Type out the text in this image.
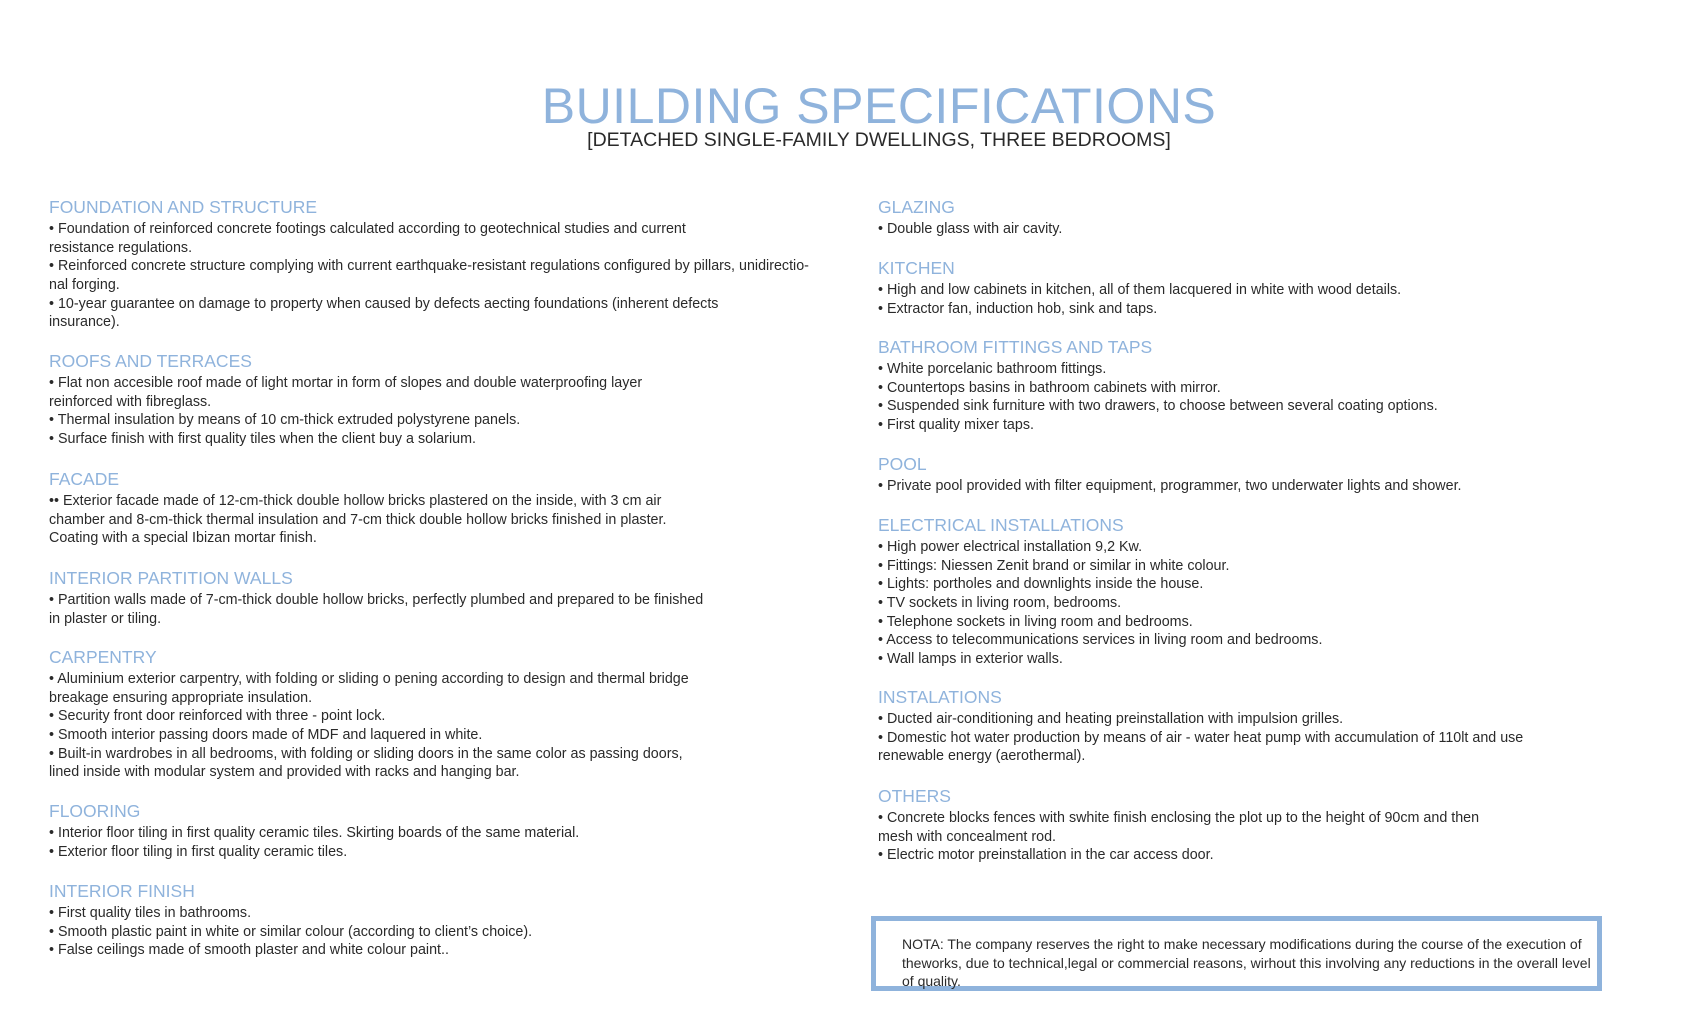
BUILDING SPECIFICATIONS
[DETACHED SINGLE-FAMILY DWELLINGS, THREE BEDROOMS]
FOUNDATION AND STRUCTURE
• Foundation of reinforced concrete footings calculated according to geotechnical studies and current
resistance regulations.
• Reinforced concrete structure complying with current earthquake-resistant regulations configured by pillars, unidirectio-
nal forging.
• 10-year guarantee on damage to property when caused by defects aecting foundations (inherent defects
insurance).
ROOFS AND TERRACES
• Flat non accesible roof made of light mortar in form of slopes and double waterproofing layer
reinforced with fibreglass.
• Thermal insulation by means of 10 cm-thick extruded polystyrene panels.
• Surface finish with first quality tiles when the client buy a solarium.
FACADE
•• Exterior facade made of 12-cm-thick double hollow bricks plastered on the inside, with 3 cm air
chamber and 8-cm-thick thermal insulation and 7-cm thick double hollow bricks finished in plaster.
Coating with a special Ibizan mortar finish.
INTERIOR PARTITION WALLS
• Partition walls made of 7-cm-thick double hollow bricks, perfectly plumbed and prepared to be finished
in plaster or tiling.
CARPENTRY
• Aluminium exterior carpentry, with folding or sliding o pening according to design and thermal bridge
breakage ensuring appropriate insulation.
• Security front door reinforced with three - point lock.
• Smooth interior passing doors made of MDF and laquered in white.
• Built-in wardrobes in all bedrooms, with folding or sliding doors in the same color as passing doors,
lined inside with modular system and provided with racks and hanging bar.
FLOORING
• Interior floor tiling in first quality ceramic tiles. Skirting boards of the same material.
• Exterior floor tiling in first quality ceramic tiles.
INTERIOR FINISH
• First quality tiles in bathrooms.
• Smooth plastic paint in white or similar colour (according to client’s choice).
• False ceilings made of smooth plaster and white colour paint..
GLAZING
• Double glass with air cavity.
KITCHEN
• High and low cabinets in kitchen, all of them lacquered in white with wood details.
• Extractor fan, induction hob, sink and taps.
BATHROOM FITTINGS AND TAPS
• White porcelanic bathroom fittings.
• Countertops basins in bathroom cabinets with mirror.
• Suspended sink furniture with two drawers, to choose between several coating options.
• First quality mixer taps.
POOL
• Private pool provided with filter equipment, programmer, two underwater lights and shower.
ELECTRICAL INSTALLATIONS
• High power electrical installation 9,2 Kw.
• Fittings: Niessen Zenit brand or similar in white colour.
• Lights: portholes and downlights inside the house.
• TV sockets in living room, bedrooms.
• Telephone sockets in living room and bedrooms.
• Access to telecommunications services in living room and bedrooms.
• Wall lamps in exterior walls.
INSTALATIONS
• Ducted air-conditioning and heating preinstallation with impulsion grilles.
• Domestic hot water production by means of air - water heat pump with accumulation of 110lt and use
renewable energy (aerothermal).
OTHERS
• Concrete blocks fences with swhite finish enclosing the plot up to the height of 90cm and then
mesh with concealment rod.
• Electric motor preinstallation in the car access door.
NOTA: The company reserves the right to make necessary modifications during the course of the execution of
theworks, due to technical,legal or commercial reasons, wirhout this involving any reductions in the overall level
of quality.
